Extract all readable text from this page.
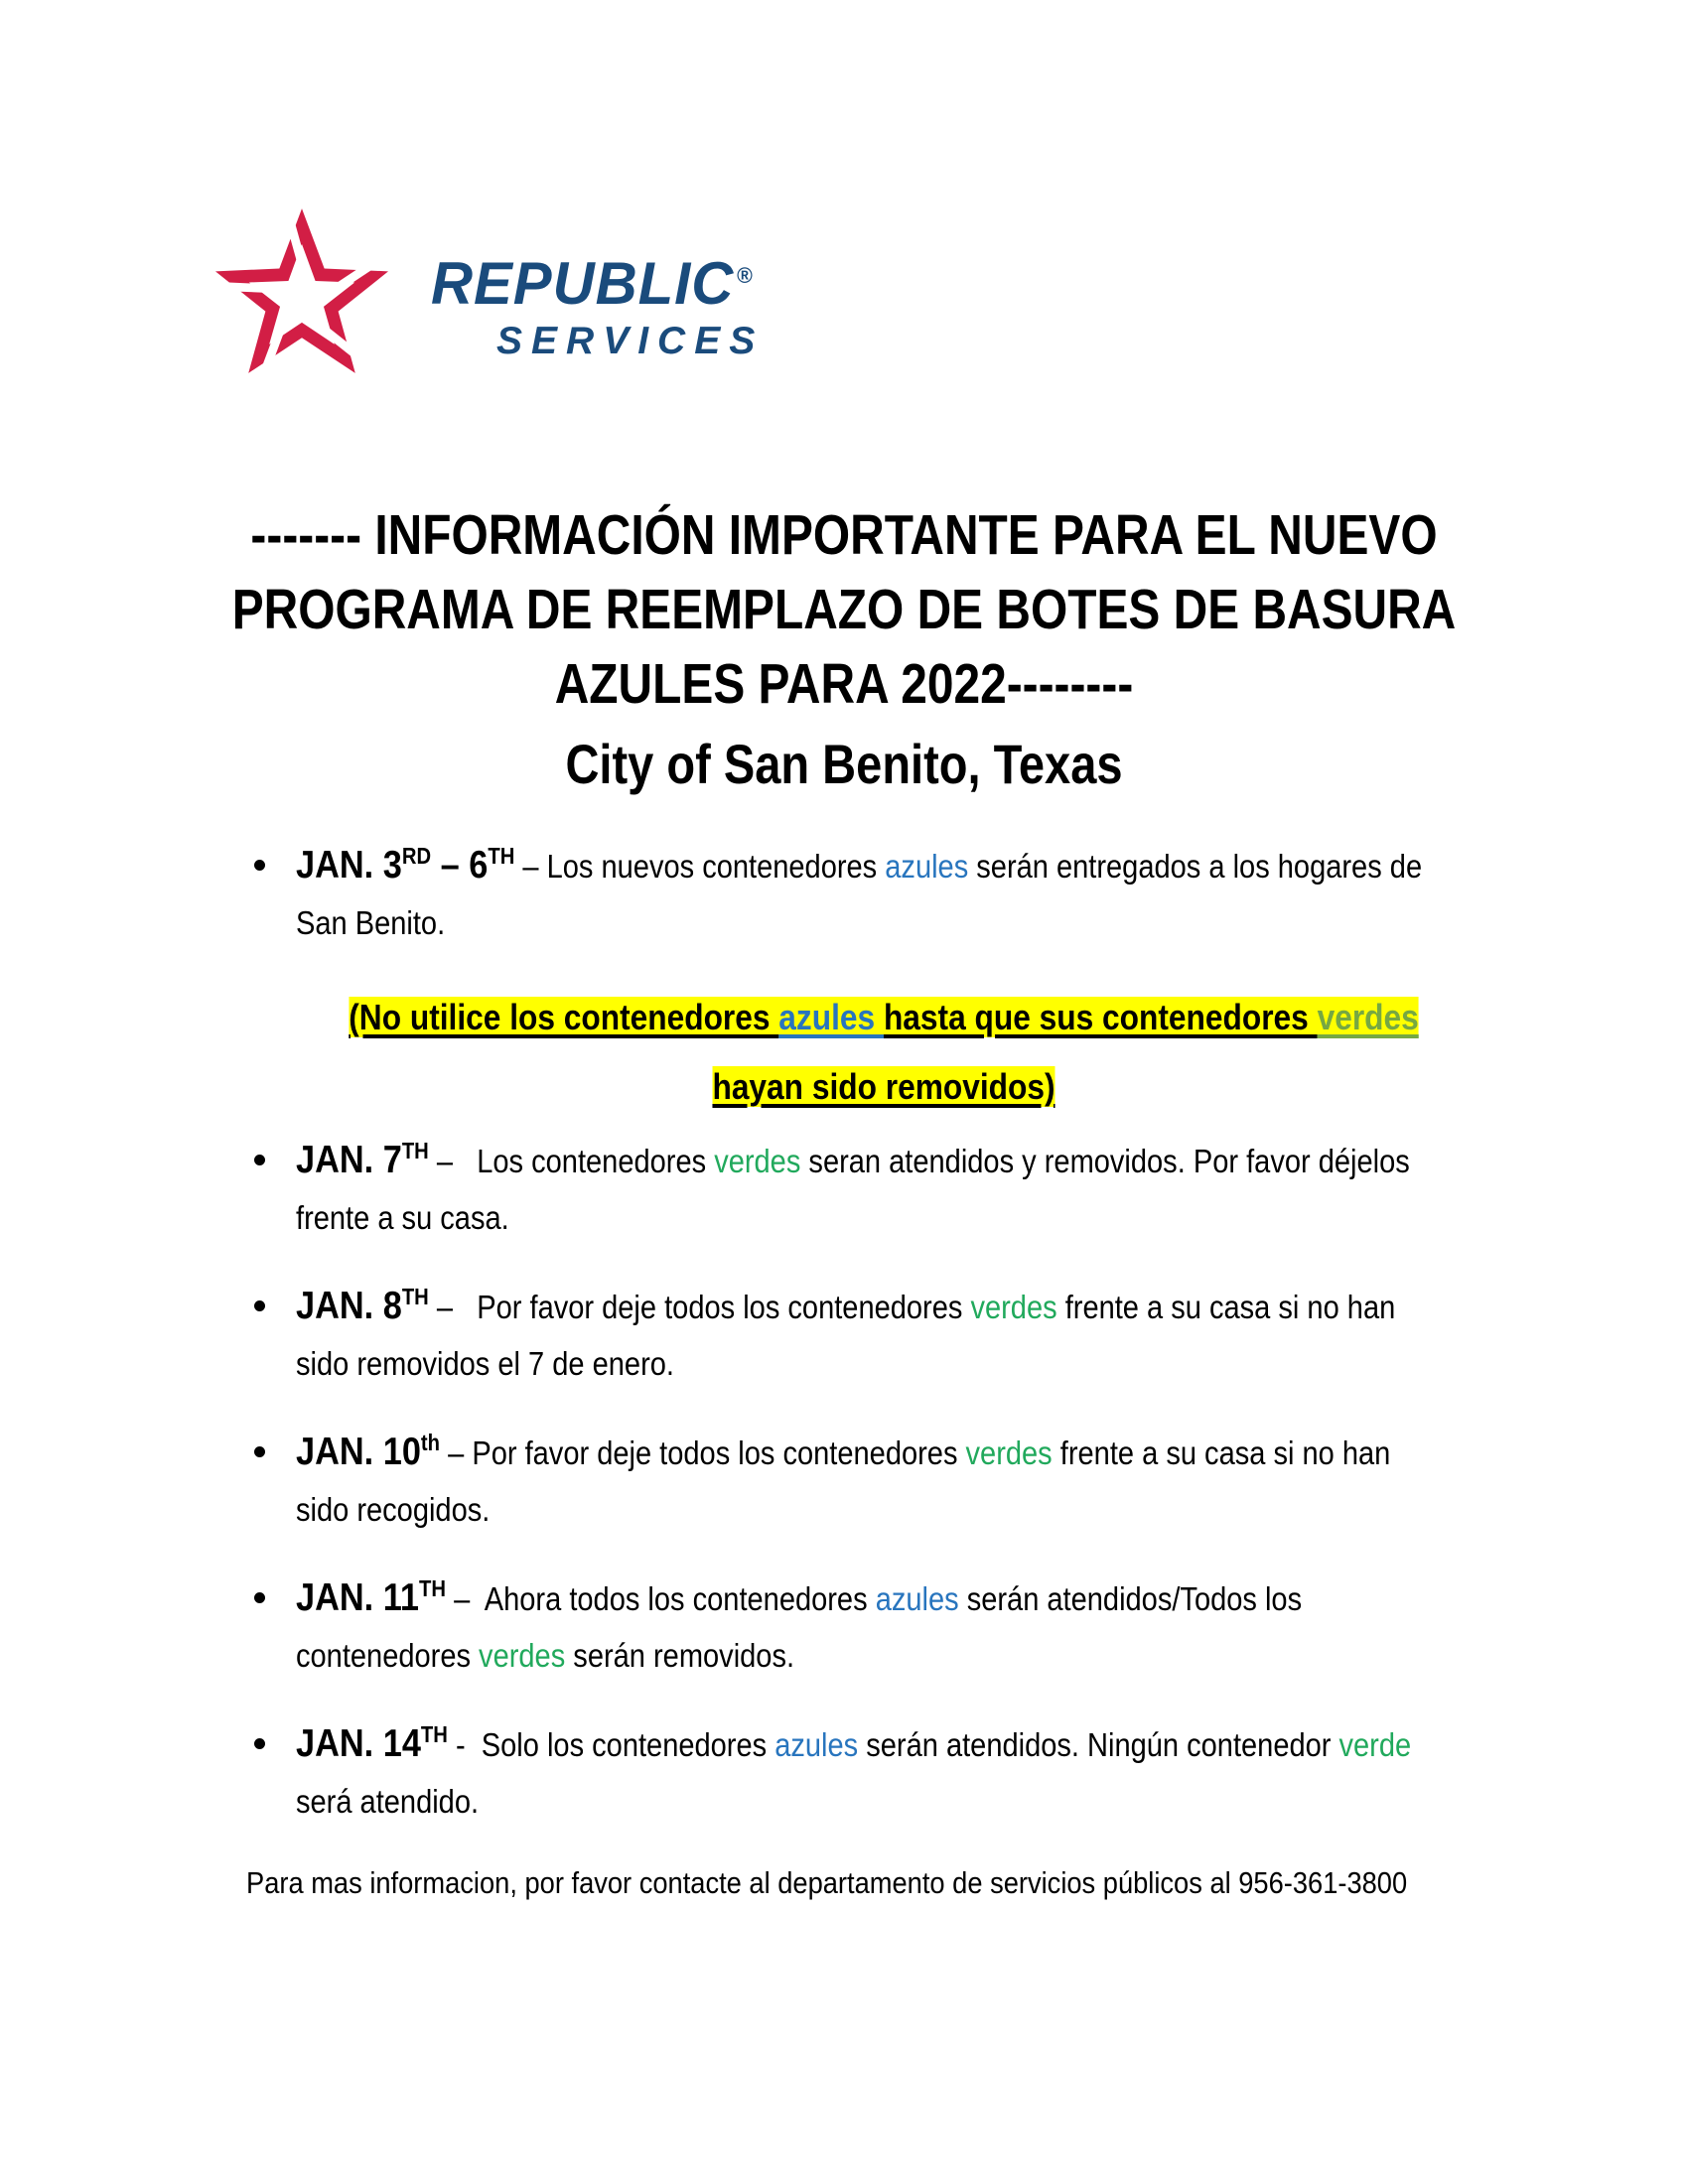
REPUBLIC ®
SERVICES
------- INFORMACIÓN IMPORTANTE PARA EL NUEVO
PROGRAMA DE REEMPLAZO DE BOTES DE BASURA
AZULES PARA 2022--------
City of San Benito, Texas
JAN. 3RD – 6TH – Los nuevos contenedores azules serán entregados a los hogares de
San Benito.
(No utilice los contenedores azules hasta que sus contenedores verdes
hayan sido removidos)
JAN. 7TH –   Los contenedores verdes seran atendidos y removidos. Por favor déjelos
frente a su casa.
JAN. 8TH –   Por favor deje todos los contenedores verdes frente a su casa si no han
sido removidos el 7 de enero.
JAN. 10th – Por favor deje todos los contenedores verdes frente a su casa si no han
sido recogidos.
JAN. 11TH –  Ahora todos los contenedores azules serán atendidos/Todos los
contenedores verdes serán removidos.
JAN. 14TH -  Solo los contenedores azules serán atendidos. Ningún contenedor verde
será atendido.
Para mas informacion, por favor contacte al departamento de servicios públicos al 956-361-3800
